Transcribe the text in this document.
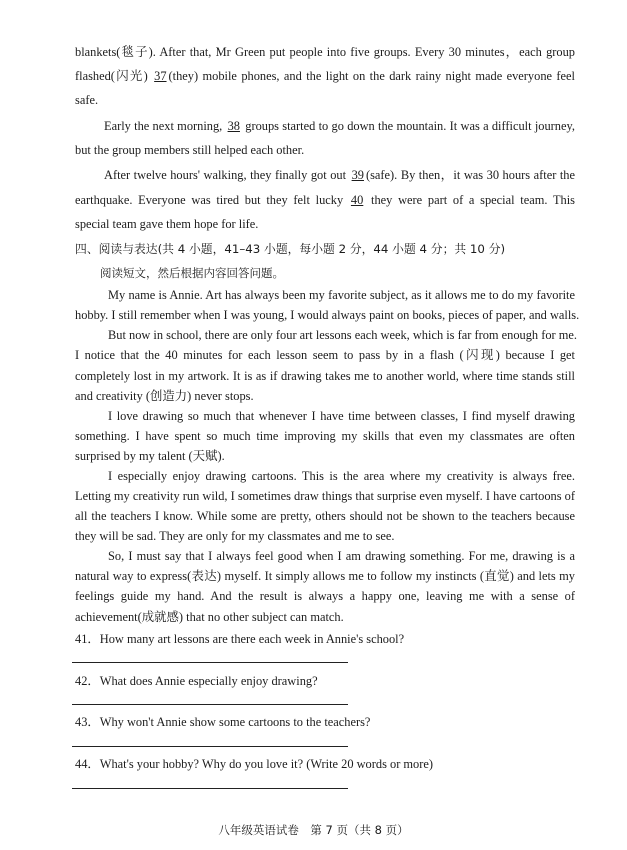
blankets(毯子). After that, Mr Green put people into five groups. Every 30 minutes，each group
flashed(闪光) 37(they) mobile phones, and the light on the dark rainy night made everyone feel
safe.
Early the next morning, 38 groups started to go down the mountain. It was a difficult journey,
but the group members still helped each other.
After twelve hours' walking, they finally got out 39(safe). By then，it was 30 hours after the
earthquake. Everyone was tired but they felt lucky 40 they were part of a special team. This
special team gave them hope for life.
四、阅读与表达(共 4 小题，41–43 小题，每小题 2 分，44 小题 4 分；共 10 分)
阅读短文，然后根据内容回答问题。
My name is Annie. Art has always been my favorite subject, as it allows me to do my favorite
hobby. I still remember when I was young, I would always paint on books, pieces of paper, and walls.
But now in school, there are only four art lessons each week, which is far from enough for me.
I notice that the 40 minutes for each lesson seem to pass by in a flash (闪现) because I get
completely lost in my artwork. It is as if drawing takes me to another world, where time stands still
and creativity (创造力) never stops.
I love drawing so much that whenever I have time between classes, I find myself drawing
something. I have spent so much time improving my skills that even my classmates are often
surprised by my talent (天赋).
I especially enjoy drawing cartoons. This is the area where my creativity is always free.
Letting my creativity run wild, I sometimes draw things that surprise even myself. I have cartoons of
all the teachers I know. While some are pretty, others should not be shown to the teachers because
they will be sad. They are only for my classmates and me to see.
So, I must say that I always feel good when I am drawing something. For me, drawing is a
natural way to express(表达) myself. It simply allows me to follow my instincts (直觉) and lets my
feelings guide my hand. And the result is always a happy one, leaving me with a sense of
achievement(成就感) that no other subject can match.
41．How many art lessons are there each week in Annie's school?
42．What does Annie especially enjoy drawing?
43．Why won't Annie show some cartoons to the teachers?
44．What's your hobby? Why do you love it? (Write 20 words or more)
八年级英语试卷　第 7 页（共 8 页）
